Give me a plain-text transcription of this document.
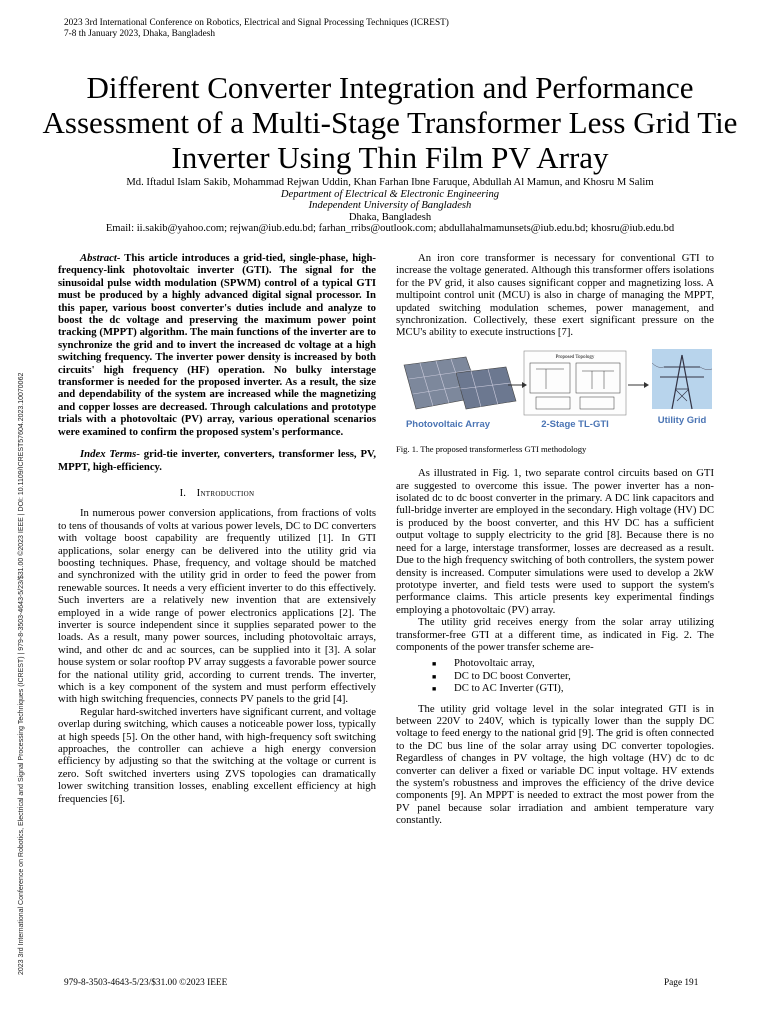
2023 3rd International Conference on Robotics, Electrical and Signal Processing Techniques (ICREST)
7-8 th January 2023, Dhaka, Bangladesh
2023 3rd International Conference on Robotics, Electrical and Signal Processing Techniques (ICREST) | 979-8-3503-4643-5/23/$31.00 ©2023 IEEE | DOI: 10.1109/ICREST57604.2023.10070062
Different Converter Integration and Performance Assessment of a Multi-Stage Transformer Less Grid Tie Inverter Using Thin Film PV Array
Md. Iftadul Islam Sakib, Mohammad Rejwan Uddin, Khan Farhan Ibne Faruque, Abdullah Al Mamun, and Khosru M Salim
Department of Electrical & Electronic Engineering
Independent University of Bangladesh
Dhaka, Bangladesh
Email: ii.sakib@yahoo.com; rejwan@iub.edu.bd; farhan_rribs@outlook.com; abdullahalmamunsets@iub.edu.bd; khosru@iub.edu.bd

Abstract- This article introduces a grid-tied, single-phase, high-frequency-link photovoltaic inverter (GTI). The signal for the sinusoidal pulse width modulation (SPWM) control of a typical GTI must be produced by a highly advanced digital signal processor. In this paper, various boost converter's duties include and analyze to boost the dc voltage and preserving the maximum power point tracking (MPPT) algorithm. The main functions of the inverter are to synchronize the grid and to invert the increased dc voltage at a high switching frequency. The inverter power density is increased by both circuits' high frequency (HF) operation. No bulky interstage transformer is needed for the proposed inverter. As a result, the size and dependability of the system are increased while the magnetizing and copper losses are decreased. Through calculations and prototype trials with a photovoltaic (PV) array, various operational scenarios were examined to confirm the proposed system's performance.

Index Terms- grid-tie inverter, converters, transformer less, PV, MPPT, high-efficiency.

I. Introduction

In numerous power conversion applications, from fractions of volts to tens of thousands of volts at various power levels, DC to DC converters with voltage boost capability are frequently utilized [1]. In GTI applications, solar energy can be delivered into the utility grid via boosting techniques. Phase, frequency, and voltage should be matched and synchronized with the utility grid in order to feed the power from renewable sources. It needs a very efficient inverter to do this effectively. Such inverters are a relatively new invention that are extensively employed in a wide range of power electronics applications [2]. The inverter is source independent since it supplies separated power to the loads. As a result, many power sources, including photovoltaic arrays, wind, and other dc and ac sources, can be supplied into it [3]. A solar house system or solar rooftop PV array suggests a favorable power source for the national utility grid, according to current trends. The inverter, which is a key component of the system and must perform effectively with high switching frequencies, connects PV panels to the grid [4].

Regular hard-switched inverters have significant current, and voltage overlap during switching, which causes a noticeable power loss, typically at high speeds [5]. On the other hand, with high-frequency soft switching approaches, the controller can achieve a high energy conversion efficiency by adjusting so that the switching at the voltage or current is zero. Soft switched inverters using ZVS topologies can dramatically lower switching transition losses, enabling excellent efficiency at high frequencies [6].

An iron core transformer is necessary for conventional GTI to increase the voltage generated. Although this transformer offers isolations for the PV grid, it also causes significant copper and magnetizing loss. A multipoint control unit (MCU) is also in charge of managing the MPPT, updated switching modulation schemes, power management, and synchronization. Collectively, these exert significant pressure on the MCU's ability to execute instructions [7].

Proposed Topology
Photovoltaic Array	2-Stage TL-GTI	Utility Grid

Fig. 1. The proposed transformerless GTI methodology

As illustrated in Fig. 1, two separate control circuits based on GTI are suggested to overcome this issue. The power inverter has a non-isolated dc to dc boost converter in the primary. A DC link capacitors and full-bridge inverter are employed in the secondary. High voltage (HV) DC is produced by the boost converter, and this HV DC has a sufficient output voltage to supply electricity to the grid [8]. Because there is no need for a large, interstage transformer, losses are decreased as a result. Due to the high frequency switching of both controllers, the system power density is increased. Computer simulations were used to develop a 2kW prototype inverter, and field tests were used to support the system's performance claims. This article presents key experimental findings employing a photovoltaic (PV) array.

The utility grid receives energy from the solar array utilizing transformer-free GTI at a different time, as indicated in Fig. 2. The components of the power transfer scheme are-

■ Photovoltaic array,
■ DC to DC boost Converter,
■ DC to AC Inverter (GTI),

The utility grid voltage level in the solar integrated GTI is in between 220V to 240V, which is typically lower than the supply DC voltage to feed energy to the national grid [9]. The grid is often connected to the DC bus line of the solar array using DC converter topologies. Regardless of changes in PV voltage, the high voltage (HV) dc to dc converter can deliver a fixed or variable DC input voltage. HV extends the system's robustness and improves the efficiency of the drive device components [9]. An MPPT is needed to extract the most power from the PV panel because solar irradiation and ambient temperature vary constantly.

979-8-3503-4643-5/23/$31.00 ©2023 IEEE	Page 191
